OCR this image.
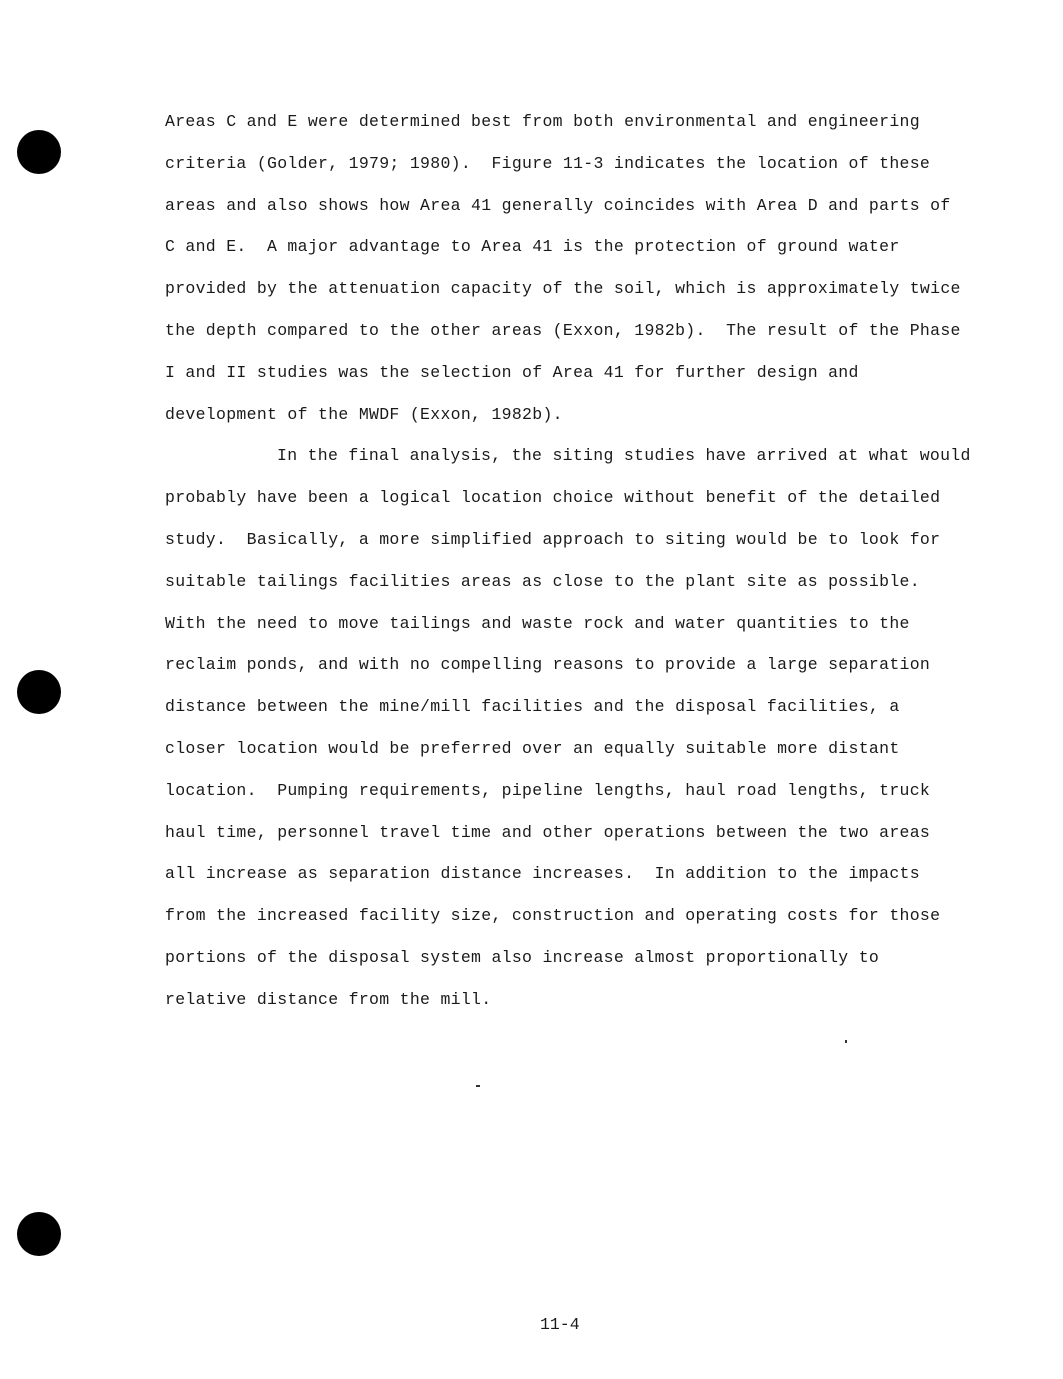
Areas C and E were determined best from both environmental and engineering
criteria (Golder, 1979; 1980).  Figure 11-3 indicates the location of these
areas and also shows how Area 41 generally coincides with Area D and parts of
C and E.  A major advantage to Area 41 is the protection of ground water
provided by the attenuation capacity of the soil, which is approximately twice
the depth compared to the other areas (Exxon, 1982b).  The result of the Phase
I and II studies was the selection of Area 41 for further design and
development of the MWDF (Exxon, 1982b).
In the final analysis, the siting studies have arrived at what would
probably have been a logical location choice without benefit of the detailed
study.  Basically, a more simplified approach to siting would be to look for
suitable tailings facilities areas as close to the plant site as possible.
With the need to move tailings and waste rock and water quantities to the
reclaim ponds, and with no compelling reasons to provide a large separation
distance between the mine/mill facilities and the disposal facilities, a
closer location would be preferred over an equally suitable more distant
location.  Pumping requirements, pipeline lengths, haul road lengths, truck
haul time, personnel travel time and other operations between the two areas
all increase as separation distance increases.  In addition to the impacts
from the increased facility size, construction and operating costs for those
portions of the disposal system also increase almost proportionally to
relative distance from the mill.
11-4
